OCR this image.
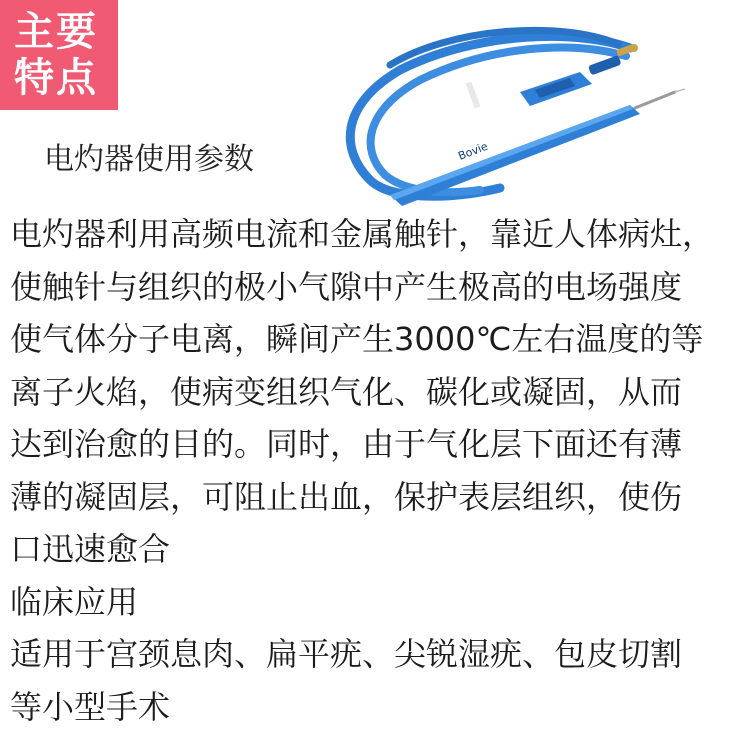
主要
特点
电灼器使用参数	Bovie
电灼器利用高频电流和金属触针，靠近人体病灶，
使触针与组织的极小气隙中产生极高的电场强度
使气体分子电离，瞬间产生3000℃左右温度的等
离子火焰，使病变组织气化、碳化或凝固，从而
达到治愈的目的。同时，由于气化层下面还有薄
薄的凝固层，可阻止出血，保护表层组织，使伤
口迅速愈合
临床应用
适用于宫颈息肉、扁平疣、尖锐湿疣、包皮切割
等小型手术
